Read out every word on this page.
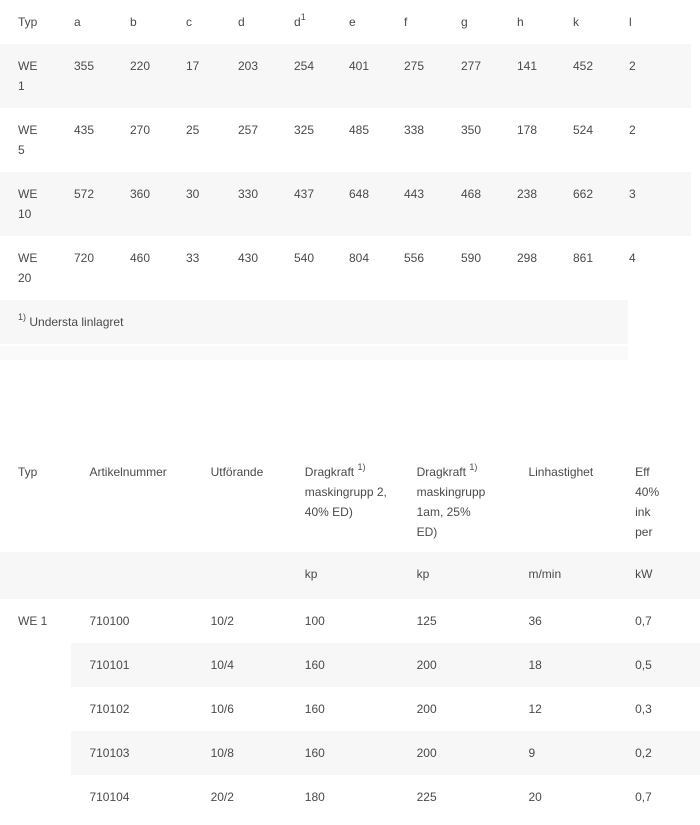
Typ	a	b	c	d	$d^1$	e	f	g	h	k	l
WE
1	355	220	17	203	254	401	275	277	141	452	2

WE
5	435	270	25	257	325	485	338	350	178	524	2

WE
10	572	360	30	330	437	648	443	468	238	662	3

WE
20	720	460	33	430	540	804	556	590	298	861	4
$^{1)}$ Understa linlagret
Typ	Artikelnummer	Utförande	Dragkraft $^{1)}$ maskingrupp 2, 40% ED)	Dragkraft $^{1)}$ maskingrupp 1am, 25% ED)	Linhastighet	Eff 40% ink per
			kp	kp	m/min	kW
WE 1	710100	10/2	100	125	36	0,7
	710101	10/4	160	200	18	0,5
	710102	10/6	160	200	12	0,3
	710103	10/8	160	200	9	0,2
	710104	20/2	180	225	20	0,7
